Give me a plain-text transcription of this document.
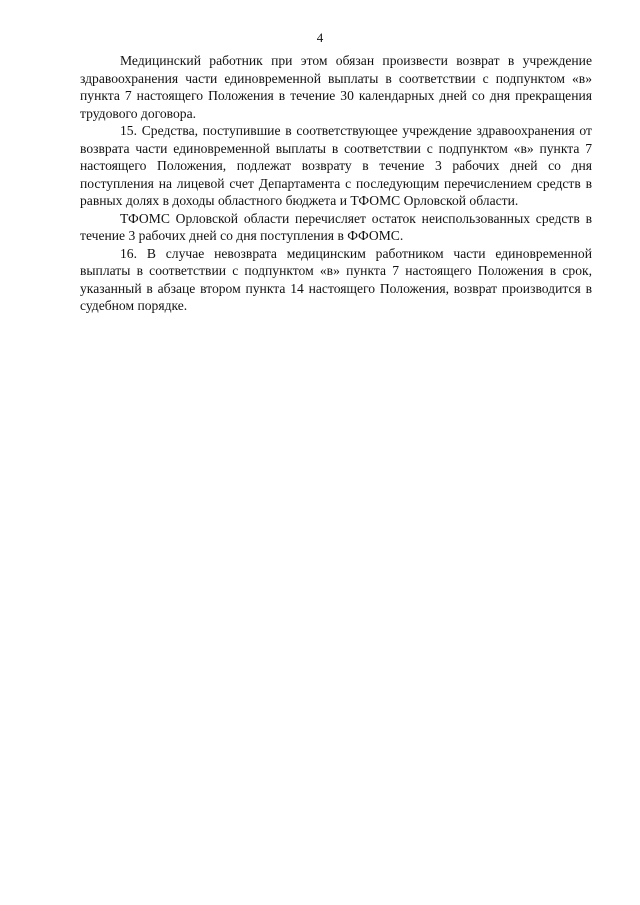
4

Медицинский работник при этом обязан произвести возврат в учреждение здравоохранения части единовременной выплаты в соответствии с подпунктом «в» пункта 7 настоящего Положения в течение 30 календарных дней со дня прекращения трудового договора.

15. Средства, поступившие в соответствующее учреждение здравоохранения от возврата части единовременной выплаты в соответствии с подпунктом «в» пункта 7 настоящего Положения, подлежат возврату в течение 3 рабочих дней со дня поступления на лицевой счет Департамента с последующим перечислением средств в равных долях в доходы областного бюджета и ТФОМС Орловской области.

ТФОМС Орловской области перечисляет остаток неиспользованных средств в течение 3 рабочих дней со дня поступления в ФФОМС.

16. В случае невозврата медицинским работником части единовременной выплаты в соответствии с подпунктом «в» пункта 7 настоящего Положения в срок, указанный в абзаце втором пункта 14 настоящего Положения, возврат производится в судебном порядке.
